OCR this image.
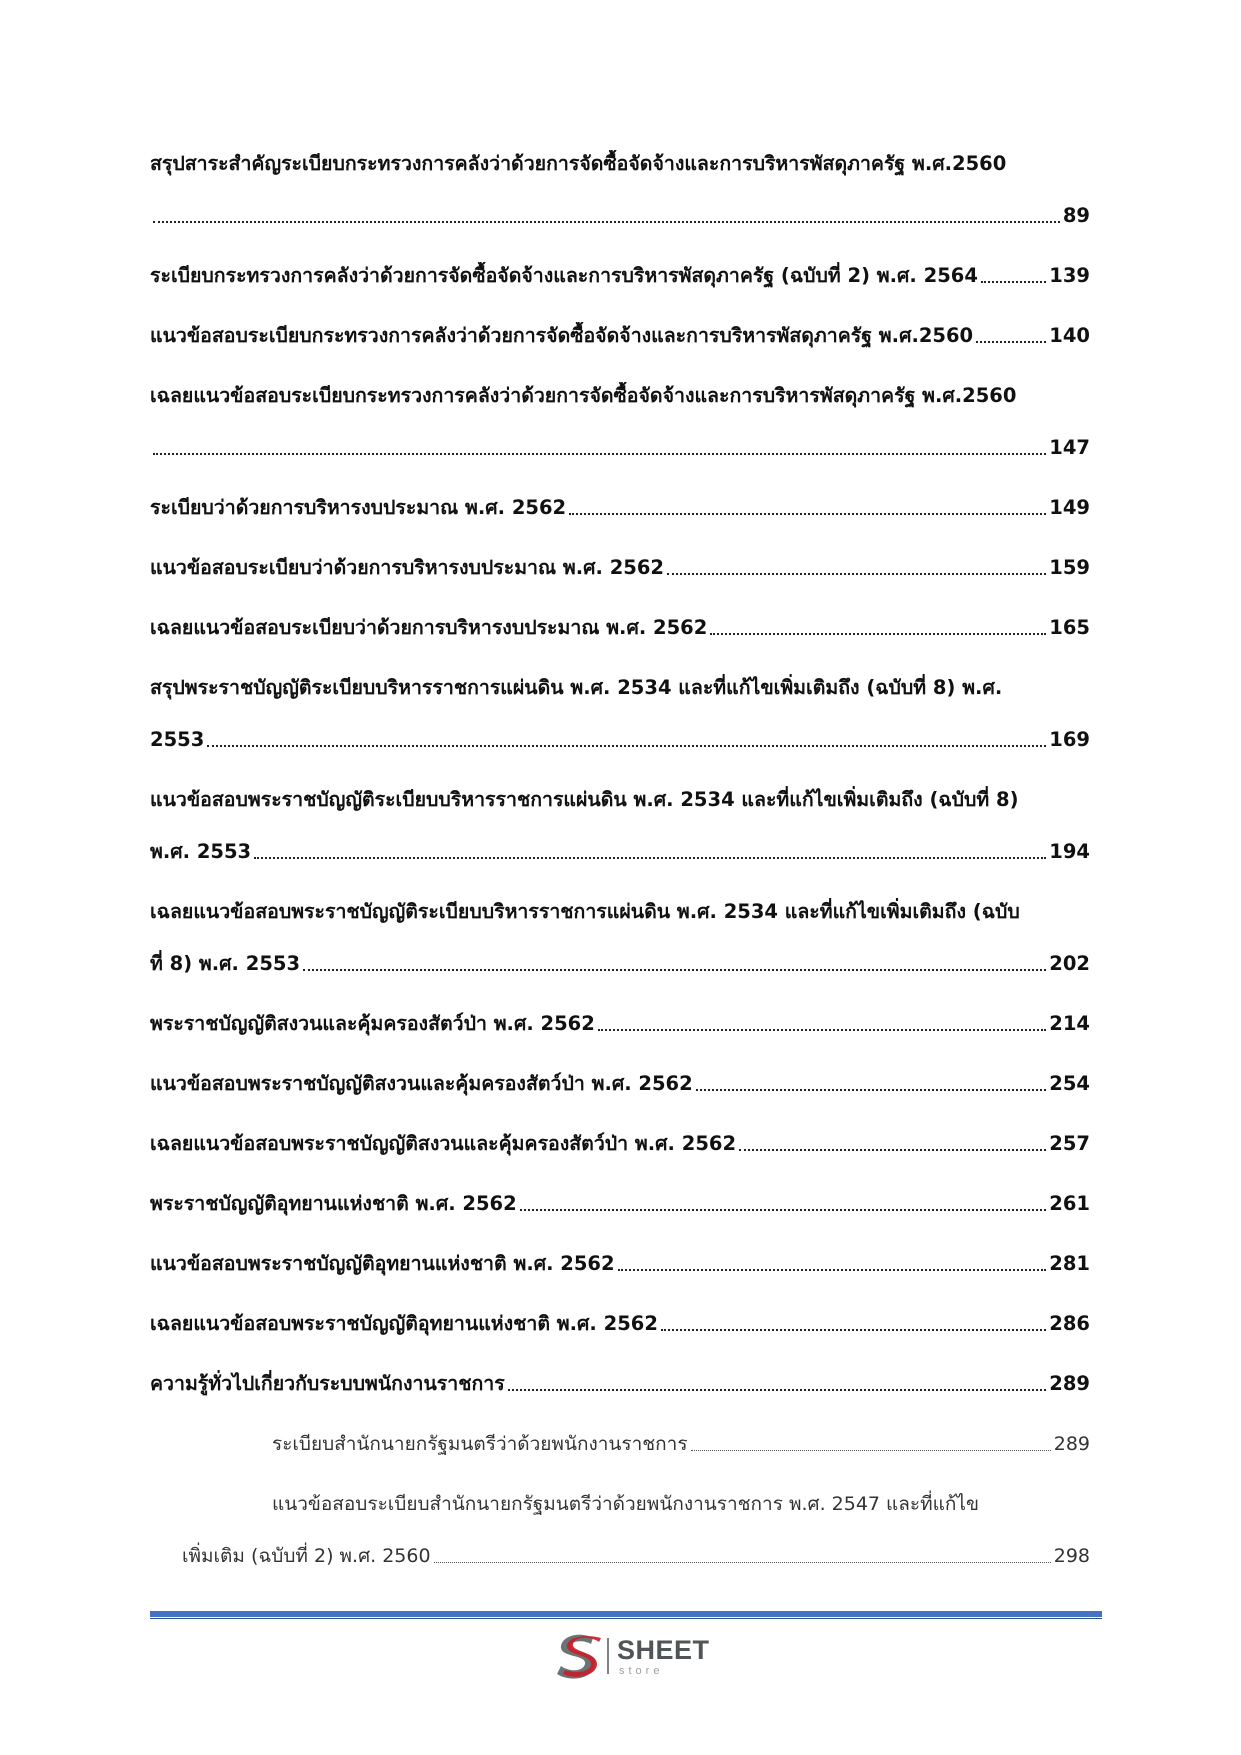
สรุปสาระสำคัญระเบียบกระทรวงการคลังว่าด้วยการจัดซื้อจัดจ้างและการบริหารพัสดุภาครัฐ พ.ศ.2560
89
ระเบียบกระทรวงการคลังว่าด้วยการจัดซื้อจัดจ้างและการบริหารพัสดุภาครัฐ (ฉบับที่ 2) พ.ศ. 2564	139
แนวข้อสอบระเบียบกระทรวงการคลังว่าด้วยการจัดซื้อจัดจ้างและการบริหารพัสดุภาครัฐ พ.ศ.2560	140
เฉลยแนวข้อสอบระเบียบกระทรวงการคลังว่าด้วยการจัดซื้อจัดจ้างและการบริหารพัสดุภาครัฐ พ.ศ.2560
147
ระเบียบว่าด้วยการบริหารงบประมาณ พ.ศ. 2562	149
แนวข้อสอบระเบียบว่าด้วยการบริหารงบประมาณ พ.ศ. 2562	159
เฉลยแนวข้อสอบระเบียบว่าด้วยการบริหารงบประมาณ พ.ศ. 2562	165
สรุปพระราชบัญญัติระเบียบบริหารราชการแผ่นดิน พ.ศ. 2534 และที่แก้ไขเพิ่มเติมถึง (ฉบับที่ 8) พ.ศ.
2553	169
แนวข้อสอบพระราชบัญญัติระเบียบบริหารราชการแผ่นดิน พ.ศ. 2534 และที่แก้ไขเพิ่มเติมถึง (ฉบับที่ 8)
พ.ศ. 2553	194
เฉลยแนวข้อสอบพระราชบัญญัติระเบียบบริหารราชการแผ่นดิน พ.ศ. 2534 และที่แก้ไขเพิ่มเติมถึง (ฉบับ
ที่ 8) พ.ศ. 2553	202
พระราชบัญญัติสงวนและคุ้มครองสัตว์ป่า พ.ศ. 2562	214
แนวข้อสอบพระราชบัญญัติสงวนและคุ้มครองสัตว์ป่า พ.ศ. 2562	254
เฉลยแนวข้อสอบพระราชบัญญัติสงวนและคุ้มครองสัตว์ป่า พ.ศ. 2562	257
พระราชบัญญัติอุทยานแห่งชาติ พ.ศ. 2562	261
แนวข้อสอบพระราชบัญญัติอุทยานแห่งชาติ พ.ศ. 2562	281
เฉลยแนวข้อสอบพระราชบัญญัติอุทยานแห่งชาติ พ.ศ. 2562	286
ความรู้ทั่วไปเกี่ยวกับระบบพนักงานราชการ	289
ระเบียบสำนักนายกรัฐมนตรีว่าด้วยพนักงานราชการ	289
แนวข้อสอบระเบียบสำนักนายกรัฐมนตรีว่าด้วยพนักงานราชการ พ.ศ. 2547 และที่แก้ไข
เพิ่มเติม (ฉบับที่ 2) พ.ศ. 2560	298
SHEET
store
